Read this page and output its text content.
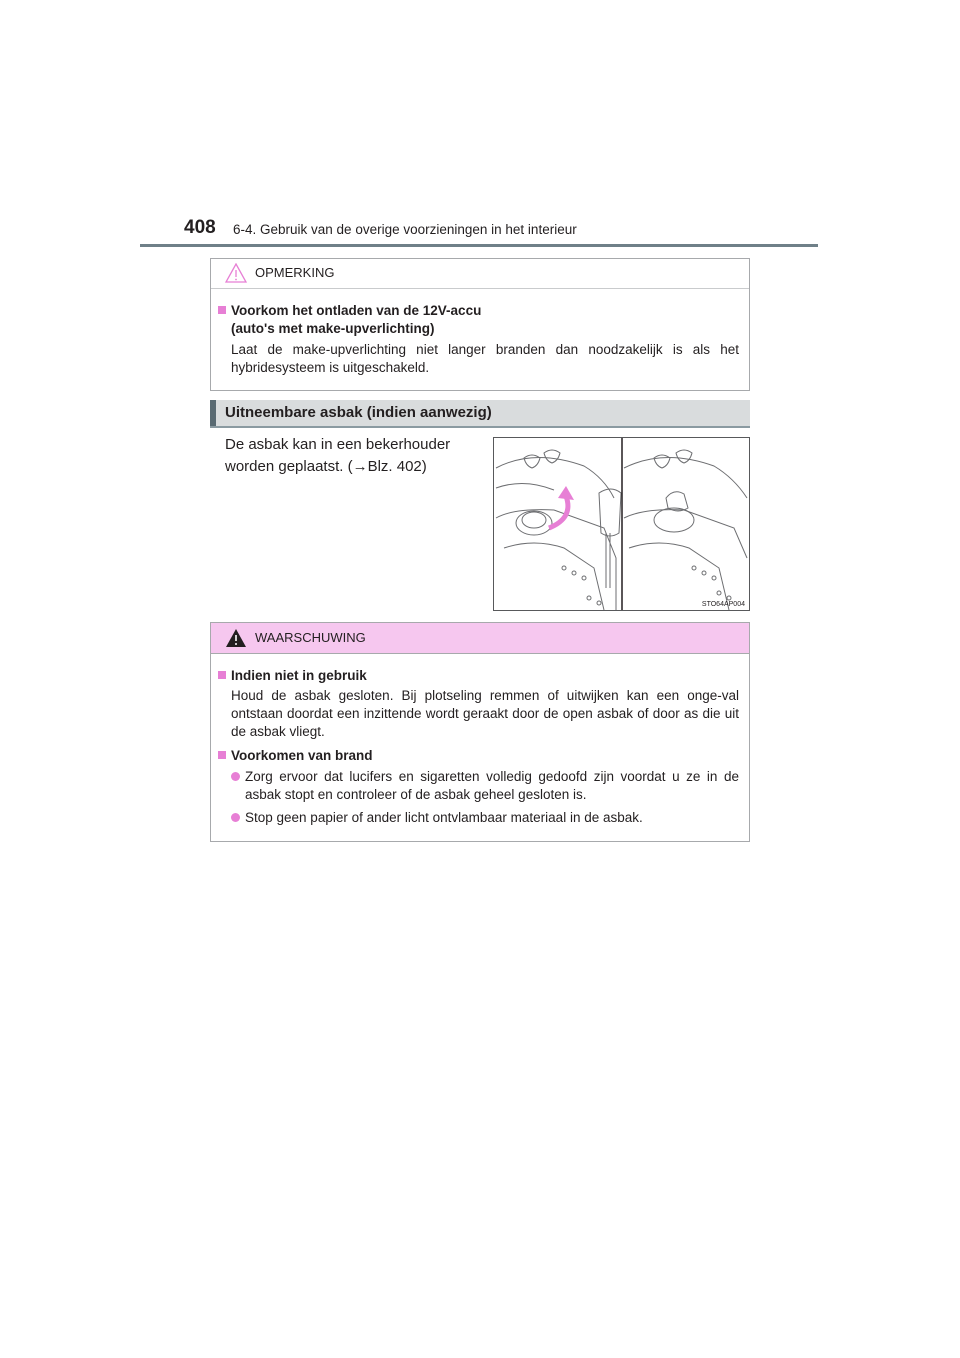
408 6-4. Gebruik van de overige voorzieningen in het interieur
OPMERKING
Voorkom het ontladen van de 12V-accu
(auto's met make-upverlichting)
Laat de make-upverlichting niet langer branden dan noodzakelijk is als het hybridesysteem is uitgeschakeld.
Uitneembare asbak (indien aanwezig)
De asbak kan in een bekerhouder
worden geplaatst. (→Blz. 402)
STO64AP004
WAARSCHUWING
Indien niet in gebruik
Houd de asbak gesloten. Bij plotseling remmen of uitwijken kan een onge-val ontstaan doordat een inzittende wordt geraakt door de open asbak of door as die uit de asbak vliegt.
Voorkomen van brand
Zorg ervoor dat lucifers en sigaretten volledig gedoofd zijn voordat u ze in de asbak stopt en controleer of de asbak geheel gesloten is.
Stop geen papier of ander licht ontvlambaar materiaal in de asbak.
